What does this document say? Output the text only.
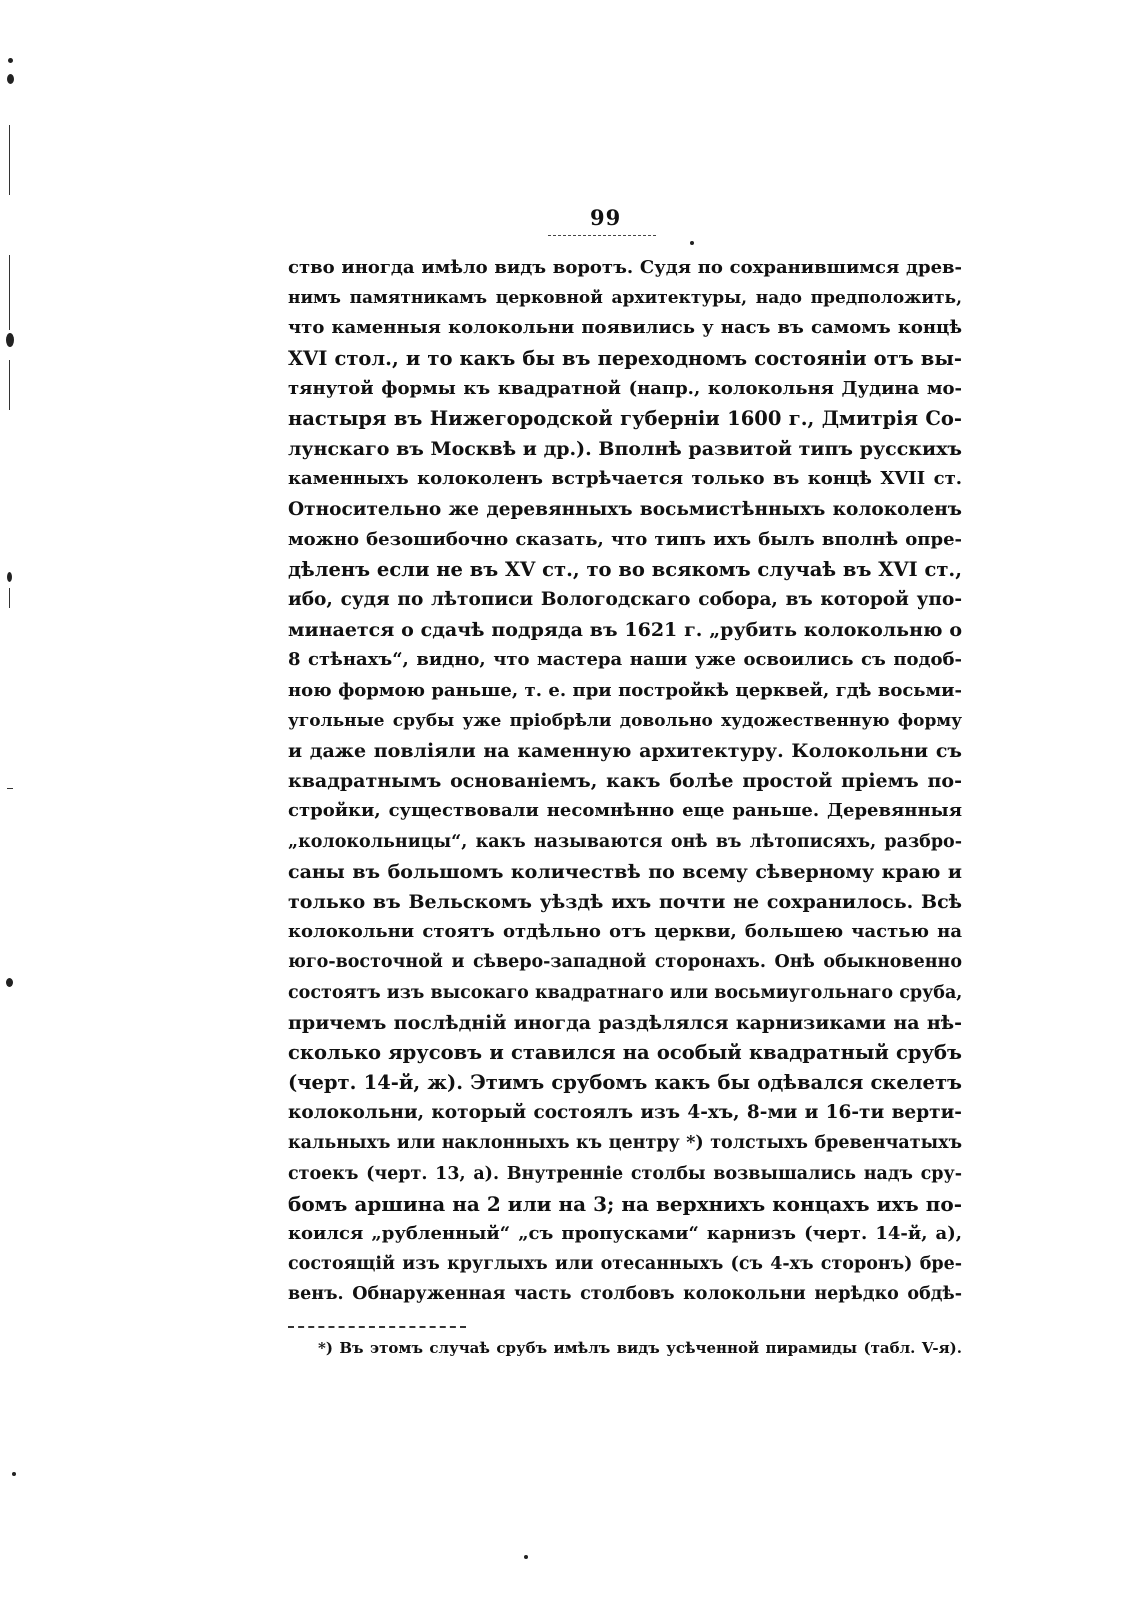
99
ство иногда имѣло видъ воротъ. Судя по сохранившимся древ-
нимъ памятникамъ церковной архитектуры, надо предположить,
что каменныя колокольни появились у насъ въ самомъ концѣ
XVI стол., и то какъ бы въ переходномъ состояніи отъ вы-
тянутой формы къ квадратной (напр., колокольня Дудина мо-
настыря въ Нижегородской губерніи 1600 г., Дмитрія Со-
лунскаго въ Москвѣ и др.). Вполнѣ развитой типъ русскихъ
каменныхъ колоколенъ встрѣчается только въ концѣ XVII ст.
Относительно же деревянныхъ восьмистѣнныхъ колоколенъ
можно безошибочно сказать, что типъ ихъ былъ вполнѣ опре-
дѣленъ если не въ XV ст., то во всякомъ случаѣ въ XVI ст.,
ибо, судя по лѣтописи Вологодскаго собора, въ которой упо-
минается о сдачѣ подряда въ 1621 г. „рубить колокольню о
8 стѣнахъ“, видно, что мастера наши уже освоились съ подоб-
ною формою раньше, т. е. при постройкѣ церквей, гдѣ восьми-
угольные срубы уже пріобрѣли довольно художественную форму
и даже повліяли на каменную архитектуру. Колокольни съ
квадратнымъ основаніемъ, какъ болѣе простой пріемъ по-
стройки, существовали несомнѣнно еще раньше. Деревянныя
„колокольницы“, какъ называются онѣ въ лѣтописяхъ, разбро-
саны въ большомъ количествѣ по всему сѣверному краю и
только въ Вельскомъ уѣздѣ ихъ почти не сохранилось. Всѣ
колокольни стоятъ отдѣльно отъ церкви, большею частью на
юго-восточной и сѣверо-западной сторонахъ. Онѣ обыкновенно
состоятъ изъ высокаго квадратнаго или восьмиугольнаго сруба,
причемъ послѣдній иногда раздѣлялся карнизиками на нѣ-
сколько ярусовъ и ставился на особый квадратный срубъ
(черт. 14-й, ж). Этимъ срубомъ какъ бы одѣвался скелетъ
колокольни, который состоялъ изъ 4-хъ, 8-ми и 16-ти верти-
кальныхъ или наклонныхъ къ центру *) толстыхъ бревенчатыхъ
стоекъ (черт. 13, а). Внутренніе столбы возвышались надъ сру-
бомъ аршина на 2 или на 3; на верхнихъ концахъ ихъ по-
коился „рубленный“ „съ пропусками“ карнизъ (черт. 14-й, а),
состоящій изъ круглыхъ или отесанныхъ (съ 4-хъ сторонъ) бре-
венъ. Обнаруженная часть столбовъ колокольни нерѣдко обдѣ-
*) Въ этомъ случаѣ срубъ имѣлъ видъ усѣченной пирамиды (табл. V-я).
